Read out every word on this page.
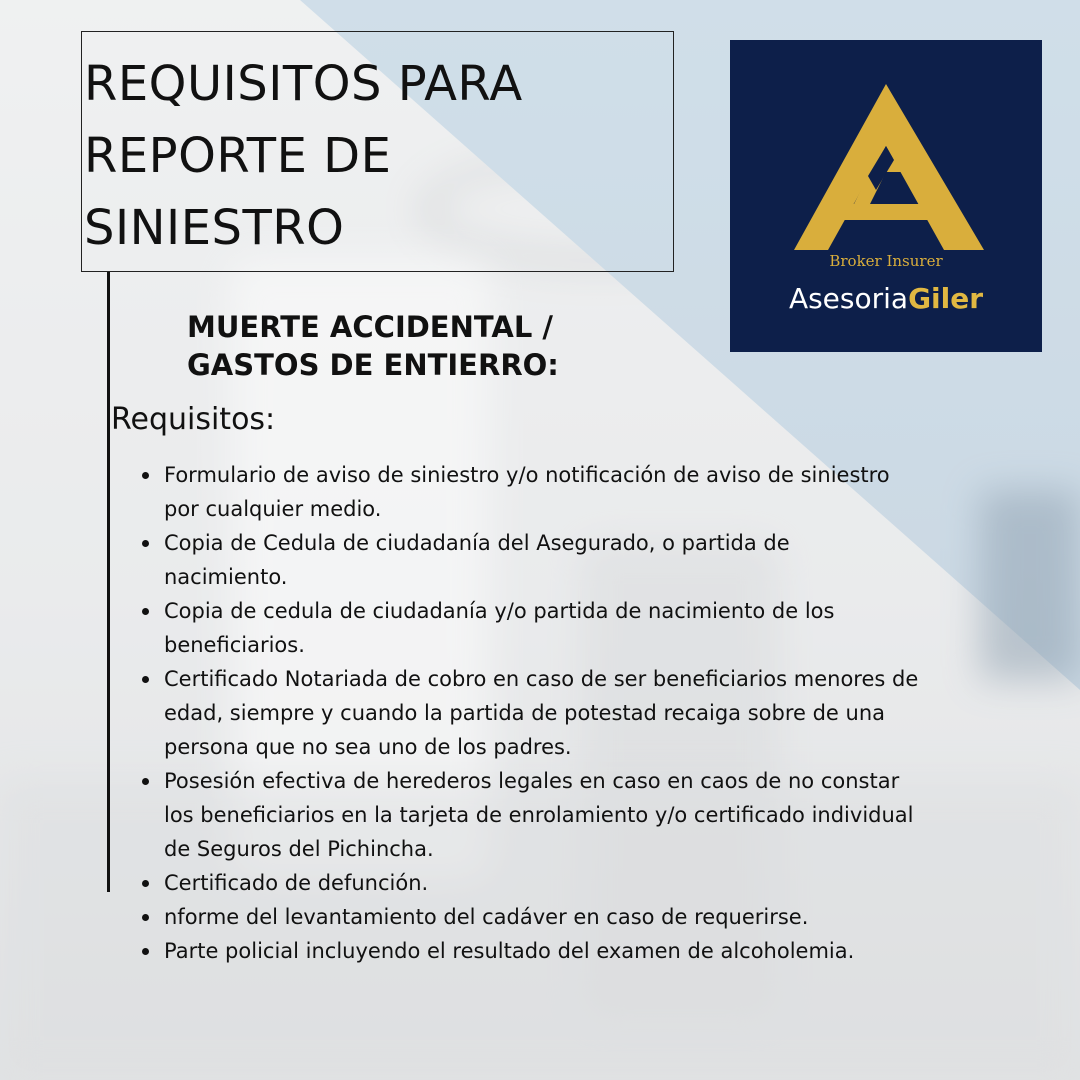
REQUISITOS PARA
REPORTE DE
SINIESTRO
Broker Insurer
AsesoriaGiler
MUERTE ACCIDENTAL /
GASTOS DE ENTIERRO:

Requisitos:

Formulario de aviso de siniestro y/o notificación de aviso de siniestro
por cualquier medio.
Copia de Cedula de ciudadanía del Asegurado, o partida de
nacimiento.
Copia de cedula de ciudadanía y/o partida de nacimiento de los
beneficiarios.
Certificado Notariada de cobro en caso de ser beneficiarios menores de
edad, siempre y cuando la partida de potestad recaiga sobre de una
persona que no sea uno de los padres.
Posesión efectiva de herederos legales en caso en caos de no constar
los beneficiarios en la tarjeta de enrolamiento y/o certificado individual
de Seguros del Pichincha.
Certificado de defunción.
nforme del levantamiento del cadáver en caso de requerirse.
Parte policial incluyendo el resultado del examen de alcoholemia.
